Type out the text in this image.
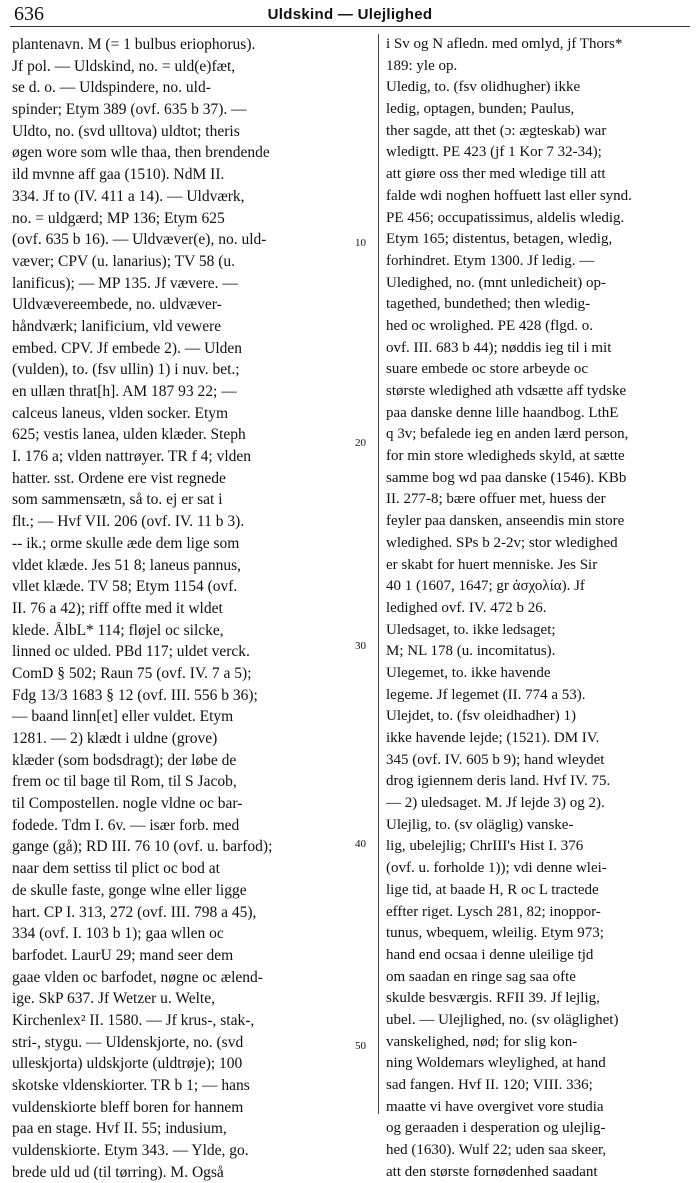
636	Uldskind — Ulejlighed
plantenavn. M (= 1 bulbus eriophorus).
Jf pol. — Uldskind, no. = uld(e)fæt,
se d. o. — Uldspindere, no. uld-
spinder; Etym 389 (ovf. 635 b 37). —
Uldto, no. (svd ulltova) uldtot; theris
øgen wore som wlle thaa, then brendende
ild mvnne aff gaa (1510). NdM II.
334. Jf to (IV. 411 a 14). — Uldværk,
no. = uldgærd; MP 136; Etym 625
(ovf. 635 b 16). — Uldvæver(e), no. uld-
væver; CPV (u. lanarius); TV 58 (u.
lanificus); — MP 135. Jf vævere. —
Uldvævereembede, no. uldvæver-
håndværk; lanificium, vld vewere
embed. CPV. Jf embede 2). — Ulden
(vulden), to. (fsv ullin) 1) i nuv. bet.;
en ullæn thrat[h]. AM 187 93 22; —
calceus laneus, vlden socker. Etym
625; vestis lanea, ulden klæder. Steph
I. 176 a; vlden nattrøyer. TR f 4; vlden
hatter. sst. Ordene ere vist regnede
som sammensætn, så to. ej er sat i
flt.; — Hvf VII. 206 (ovf. IV. 11 b 3).
-- ik.; orme skulle æde dem lige som
vldet klæde. Jes 51 8; laneus pannus,
vllet klæde. TV 58; Etym 1154 (ovf.
II. 76 a 42); riff offte med it wldet
klede. ÅlbL* 114; fløjel oc silcke,
linned oc ulded. PBd 117; uldet verck.
ComD § 502; Raun 75 (ovf. IV. 7 a 5);
Fdg 13/3 1683 § 12 (ovf. III. 556 b 36);
— baand linn[et] eller vuldet. Etym
1281. — 2) klædt i uldne (grove)
klæder (som bodsdragt); der løbe de
frem oc til bage til Rom, til S Jacob,
til Compostellen. nogle vldne oc bar-
fodede. Tdm I. 6v. — især forb. med
gange (gå); RD III. 76 10 (ovf. u. barfod);
naar dem settiss til plict oc bod at
de skulle faste, gonge wlne eller ligge
hart. CP I. 313, 272 (ovf. III. 798 a 45),
334 (ovf. I. 103 b 1); gaa wllen oc
barfodet. LaurU 29; mand seer dem
gaae vlden oc barfodet, nøgne oc ælend-
ige. SkP 637. Jf Wetzer u. Welte,
Kirchenlex² II. 1580. — Jf krus-, stak-,
stri-, stygu. — Uldenskjorte, no. (svd
ulleskjorta) uldskjorte (uldtrøje); 100
skotske vldenskiorter. TR b 1; — hans
vuldenskiorte bleff boren for hannem
paa en stage. Hvf II. 55; indusium,
vuldenskiorte. Etym 343. — Ylde, go.
brede uld ud (til tørring). M. Også
i Sv og N afledn. med omlyd, jf Thors*
189: yle op.
Uledig, to. (fsv olidhugher) ikke
ledig, optagen, bunden; Paulus,
ther sagde, att thet (ɔ: ægteskab) war
wledigtt. PE 423 (jf 1 Kor 7 32-34);
att giøre oss ther med wledige till att
falde wdi noghen hoffuett last eller synd.
PE 456; occupatissimus, aldelis wledig.
Etym 165; distentus, betagen, wledig,
forhindret. Etym 1300. Jf ledig. —
Uledighed, no. (mnt unledicheit) op-
tagethed, bundethed; then wledig-
hed oc wrolighed. PE 428 (flgd. o.
ovf. III. 683 b 44); nøddis ieg til i mit
suare embede oc store arbeyde oc
største wledighed ath vdsætte aff tydske
paa danske denne lille haandbog. LthE
q 3v; befalede ieg en anden lærd person,
for min store wledigheds skyld, at sætte
samme bog wd paa danske (1546). KBb
II. 277-8; bære offuer met, huess der
feyler paa dansken, anseendis min store
wledighed. SPs b 2-2v; stor wledighed
er skabt for huert menniske. Jes Sir
40 1 (1607, 1647; gr ἀσχολία). Jf
ledighed ovf. IV. 472 b 26.
Uledsaget, to. ikke ledsaget;
M; NL 178 (u. incomitatus).
Ulegemet, to. ikke havende
legeme. Jf legemet (II. 774 a 53).
Ulejdet, to. (fsv oleidhadher) 1)
ikke havende lejde; (1521). DM IV.
345 (ovf. IV. 605 b 9); hand wleydet
drog igiennem deris land. Hvf IV. 75.
— 2) uledsaget. M. Jf lejde 3) og 2).
Ulejlig, to. (sv oläglig) vanske-
lig, ubelejlig; ChrIII's Hist I. 376
(ovf. u. forholde 1)); vdi denne wlei-
lige tid, at baade H, R oc L tractede
effter riget. Lysch 281, 82; inoppor-
tunus, wbequem, wleilig. Etym 973;
hand end ocsaa i denne uleilige tjd
om saadan en ringe sag saa ofte
skulde besværgis. RFII 39. Jf lejlig,
ubel. — Ulejlighed, no. (sv oläglighet)
vanskelighed, nød; for slig kon-
ning Woldemars wleylighed, at hand
sad fangen. Hvf II. 120; VIII. 336;
maatte vi have overgivet vore studia
og geraaden i desperation og ulejlig-
hed (1630). Wulf 22; uden saa skeer,
att den største fornødenhed saadant
10
20
30
40
50
